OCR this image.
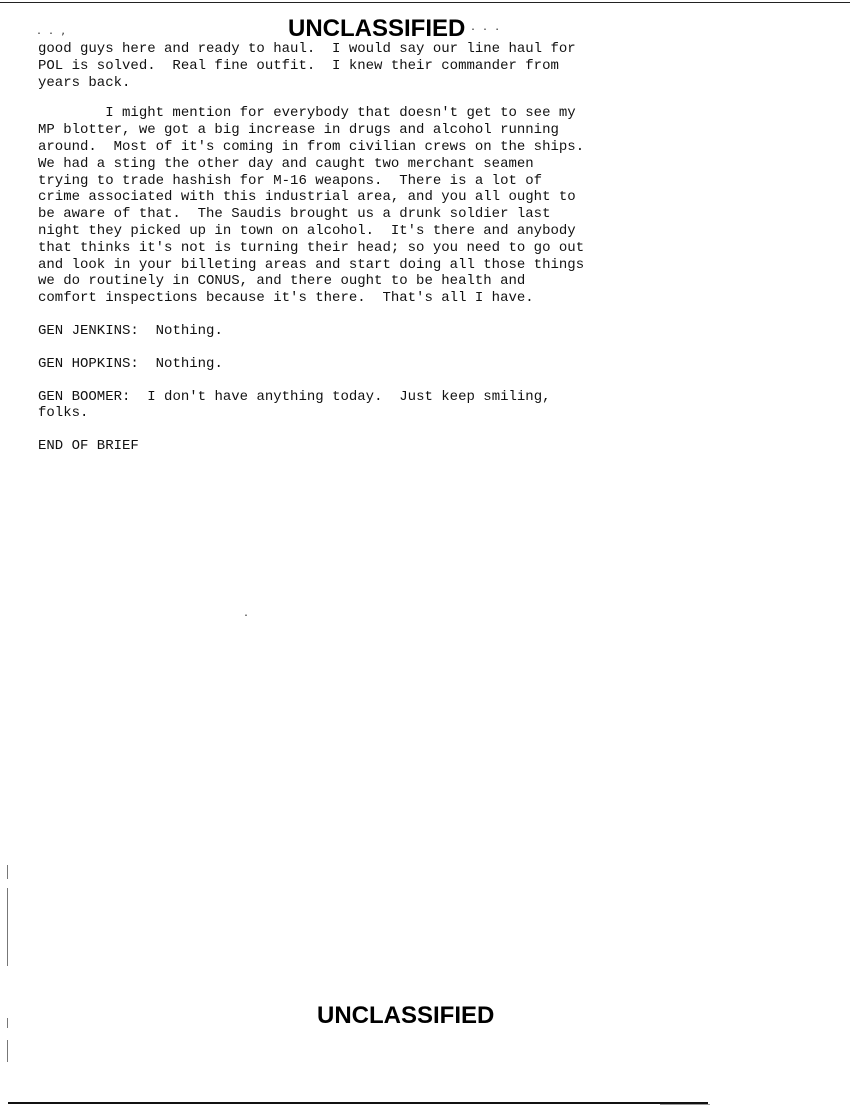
. . ,	. . .
UNCLASSIFIED

good guys here and ready to haul.  I would say our line haul for
POL is solved.  Real fine outfit.  I knew their commander from
years back.

I might mention for everybody that doesn't get to see my
MP blotter, we got a big increase in drugs and alcohol running
around.  Most of it's coming in from civilian crews on the ships.
We had a sting the other day and caught two merchant seamen
trying to trade hashish for M-16 weapons.  There is a lot of
crime associated with this industrial area, and you all ought to
be aware of that.  The Saudis brought us a drunk soldier last
night they picked up in town on alcohol.  It's there and anybody
that thinks it's not is turning their head; so you need to go out
and look in your billeting areas and start doing all those things
we do routinely in CONUS, and there ought to be health and
comfort inspections because it's there.  That's all I have.

GEN JENKINS: Nothing.

GEN HOPKINS: Nothing.

GEN BOOMER: I don't have anything today.  Just keep smiling,
folks.

END OF BRIEF

.
UNCLASSIFIED
